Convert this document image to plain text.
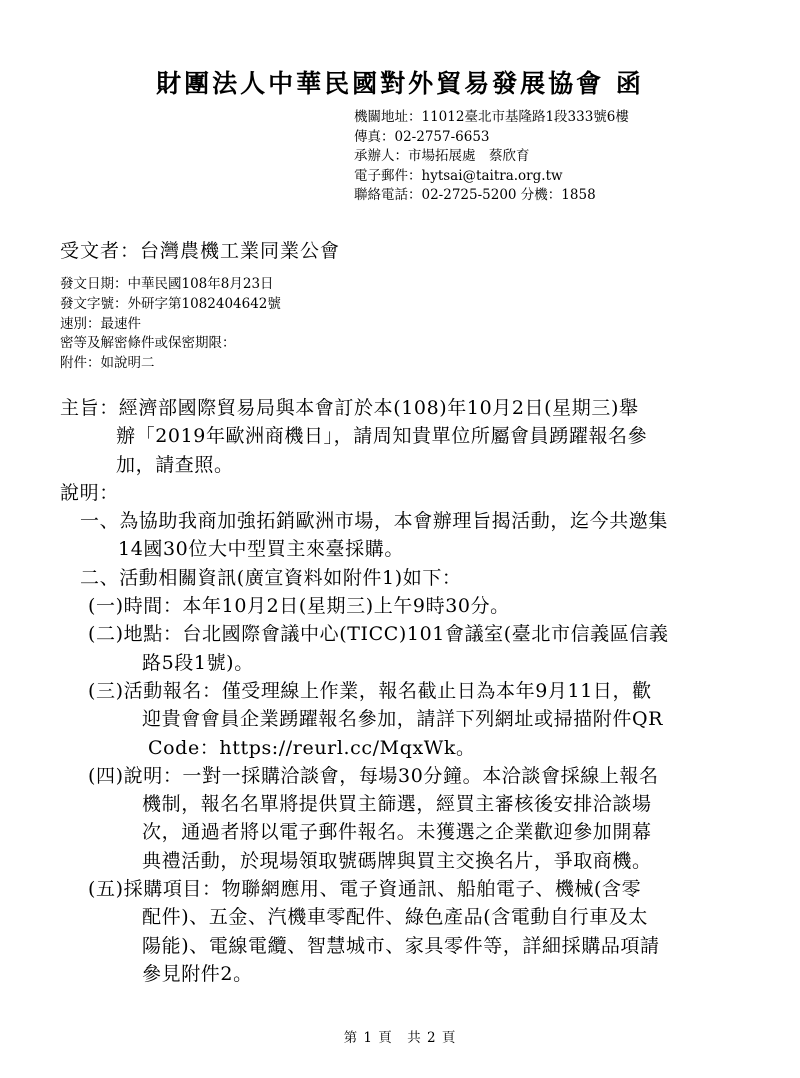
財團法人中華民國對外貿易發展協會 函
機關地址：11012臺北市基隆路1段333號6樓
傳真：02-2757-6653
承辦人：市場拓展處　蔡欣育
電子郵件：hytsai@taitra.org.tw
聯絡電話：02-2725-5200 分機：1858
受文者：台灣農機工業同業公會
發文日期：中華民國108年8月23日
發文字號：外研字第1082404642號
速別：最速件
密等及解密條件或保密期限：
附件：如說明二
主旨：經濟部國際貿易局與本會訂於本(108)年10月2日(星期三)舉
辦「2019年歐洲商機日」，請周知貴單位所屬會員踴躍報名參
加，請查照。
說明：
一、為協助我商加強拓銷歐洲市場，本會辦理旨揭活動，迄今共邀集
14國30位大中型買主來臺採購。
二、活動相關資訊(廣宣資料如附件1)如下：
(一)時間：本年10月2日(星期三)上午9時30分。
(二)地點：台北國際會議中心(TICC)101會議室(臺北市信義區信義
路5段1號)。
(三)活動報名：僅受理線上作業，報名截止日為本年9月11日，歡
迎貴會會員企業踴躍報名參加，請詳下列網址或掃描附件QR
Code：https://reurl.cc/MqxWk。
(四)說明：一對一採購洽談會，每場30分鐘。本洽談會採線上報名
機制，報名名單將提供買主篩選，經買主審核後安排洽談場
次，通過者將以電子郵件報名。未獲選之企業歡迎參加開幕
典禮活動，於現場領取號碼牌與買主交換名片，爭取商機。
(五)採購項目：物聯網應用、電子資通訊、船舶電子、機械(含零
配件)、五金、汽機車零配件、綠色產品(含電動自行車及太
陽能)、電線電纜、智慧城市、家具零件等，詳細採購品項請
參見附件2。
第 1 頁　共 2 頁
